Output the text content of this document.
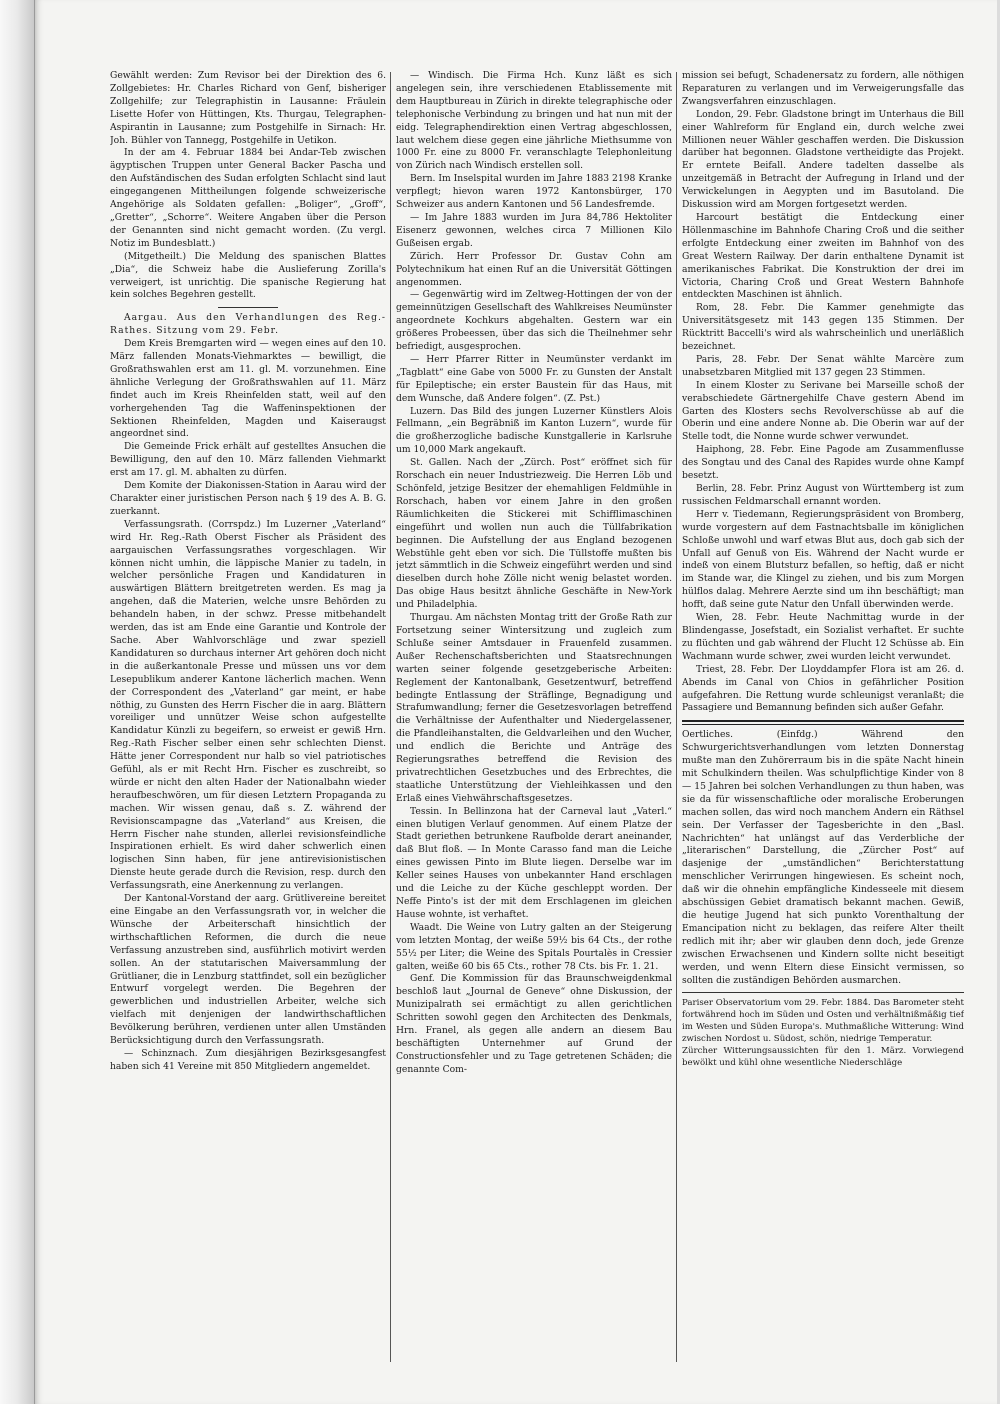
Gewählt werden: Zum Revisor bei der Direktion des 6. Zollgebietes: Hr. Charles Richard von Genf, bisheriger Zollgehilfe; zur Telegraphistin in Lausanne: Fräulein Lisette Hofer von Hüttingen, Kts. Thurgau, Telegraphen-Aspirantin in Lausanne; zum Postgehilfe in Sirnach: Hr. Joh. Bühler von Tannegg, Postgehilfe in Uetikon.

In der am 4. Februar 1884 bei Andar-Teb zwischen ägyptischen Truppen unter General Backer Pascha und den Aufständischen des Sudan erfolgten Schlacht sind laut eingegangenen Mittheilungen folgende schweizerische Angehörige als Soldaten gefallen: „Boliger“, „Groff“, „Gretter“, „Schorre“. Weitere Angaben über die Person der Genannten sind nicht gemacht worden. (Zu vergl. Notiz im Bundesblatt.)

(Mitgetheilt.) Die Meldung des spanischen Blattes „Dia“, die Schweiz habe die Auslieferung Zorilla's verweigert, ist unrichtig. Die spanische Regierung hat kein solches Begehren gestellt.

Aargau. Aus den Verhandlungen des Reg.-Rathes. Sitzung vom 29. Febr.

Dem Kreis Bremgarten wird — wegen eines auf den 10. März fallenden Monats-Viehmarktes — bewilligt, die Großrathswahlen erst am 11. gl. M. vorzunehmen. Eine ähnliche Verlegung der Großrathswahlen auf 11. März findet auch im Kreis Rheinfelden statt, weil auf den vorhergehenden Tag die Waffeninspektionen der Sektionen Rheinfelden, Magden und Kaiseraugst angeordnet sind.

Die Gemeinde Frick erhält auf gestelltes Ansuchen die Bewilligung, den auf den 10. März fallenden Viehmarkt erst am 17. gl. M. abhalten zu dürfen.

Dem Komite der Diakonissen-Station in Aarau wird der Charakter einer juristischen Person nach § 19 des A. B. G. zuerkannt.

Verfassungsrath. (Corrspdz.) Im Luzerner „Vaterland“ wird Hr. Reg.-Rath Oberst Fischer als Präsident des aargauischen Verfassungsrathes vorgeschlagen. Wir können nicht umhin, die läppische Manier zu tadeln, in welcher persönliche Fragen und Kandidaturen in auswärtigen Blättern breitgetreten werden. Es mag ja angehen, daß die Materien, welche unsre Behörden zu behandeln haben, in der schwz. Presse mitbehandelt werden, das ist am Ende eine Garantie und Kontrole der Sache. Aber Wahlvorschläge und zwar speziell Kandidaturen so durchaus interner Art gehören doch nicht in die außerkantonale Presse und müssen uns vor dem Lesepublikum anderer Kantone lächerlich machen. Wenn der Correspondent des „Vaterland“ gar meint, er habe nöthig, zu Gunsten des Herrn Fischer die in aarg. Blättern voreiliger und unnützer Weise schon aufgestellte Kandidatur Künzli zu begeifern, so erweist er gewiß Hrn. Reg.-Rath Fischer selber einen sehr schlechten Dienst. Hätte jener Correspondent nur halb so viel patriotisches Gefühl, als er mit Recht Hrn. Fischer es zuschreibt, so würde er nicht den alten Hader der Nationalbahn wieder heraufbeschwören, um für diesen Letztern Propaganda zu machen. Wir wissen genau, daß s. Z. während der Revisionscampagne das „Vaterland“ aus Kreisen, die Herrn Fischer nahe stunden, allerlei revisionsfeindliche Inspirationen erhielt. Es wird daher schwerlich einen logischen Sinn haben, für jene antirevisionistischen Dienste heute gerade durch die Revision, resp. durch den Verfassungsrath, eine Anerkennung zu verlangen.

Der Kantonal-Vorstand der aarg. Grütlivereine bereitet eine Eingabe an den Verfassungsrath vor, in welcher die Wünsche der Arbeiterschaft hinsichtlich der wirthschaftlichen Reformen, die durch die neue Verfassung anzustreben sind, ausführlich motivirt werden sollen. An der statutarischen Maiversammlung der Grütlianer, die in Lenzburg stattfindet, soll ein bezüglicher Entwurf vorgelegt werden. Die Begehren der gewerblichen und industriellen Arbeiter, welche sich vielfach mit denjenigen der landwirthschaftlichen Bevölkerung berühren, verdienen unter allen Umständen Berücksichtigung durch den Verfassungsrath.

— Schinznach. Zum diesjährigen Bezirksgesangfest haben sich 41 Vereine mit 850 Mitgliedern angemeldet.

— Windisch. Die Firma Hch. Kunz läßt es sich angelegen sein, ihre verschiedenen Etablissemente mit dem Hauptbureau in Zürich in direkte telegraphische oder telephonische Verbindung zu bringen und hat nun mit der eidg. Telegraphendirektion einen Vertrag abgeschlossen, laut welchem diese gegen eine jährliche Miethsumme von 1000 Fr. eine zu 8000 Fr. veranschlagte Telephonleitung von Zürich nach Windisch erstellen soll.

Bern. Im Inselspital wurden im Jahre 1883 2198 Kranke verpflegt; hievon waren 1972 Kantonsbürger, 170 Schweizer aus andern Kantonen und 56 Landesfremde.

— Im Jahre 1883 wurden im Jura 84,786 Hektoliter Eisenerz gewonnen, welches circa 7 Millionen Kilo Gußeisen ergab.

Zürich. Herr Professor Dr. Gustav Cohn am Polytechnikum hat einen Ruf an die Universität Göttingen angenommen.

— Gegenwärtig wird im Zeltweg-Hottingen der von der gemeinnützigen Gesellschaft des Wahlkreises Neumünster angeordnete Kochkurs abgehalten. Gestern war ein größeres Probeessen, über das sich die Theilnehmer sehr befriedigt, ausgesprochen.

— Herr Pfarrer Ritter in Neumünster verdankt im „Tagblatt“ eine Gabe von 5000 Fr. zu Gunsten der Anstalt für Epileptische; ein erster Baustein für das Haus, mit dem Wunsche, daß Andere folgen“. (Z. Pst.)

Luzern. Das Bild des jungen Luzerner Künstlers Alois Fellmann, „ein Begräbniß im Kanton Luzern“, wurde für die großherzogliche badische Kunstgallerie in Karlsruhe um 10,000 Mark angekauft.

St. Gallen. Nach der „Zürch. Post“ eröffnet sich für Rorschach ein neuer Industriezweig. Die Herren Löb und Schönfeld, jetzige Besitzer der ehemahligen Feldmühle in Rorschach, haben vor einem Jahre in den großen Räumlichkeiten die Stickerei mit Schifflimaschinen eingeführt und wollen nun auch die Tüllfabrikation beginnen. Die Aufstellung der aus England bezogenen Webstühle geht eben vor sich. Die Tüllstoffe mußten bis jetzt sämmtlich in die Schweiz eingeführt werden und sind dieselben durch hohe Zölle nicht wenig belastet worden. Das obige Haus besitzt ähnliche Geschäfte in New-York und Philadelphia.

Thurgau. Am nächsten Montag tritt der Große Rath zur Fortsetzung seiner Wintersitzung und zugleich zum Schluße seiner Amtsdauer in Frauenfeld zusammen. Außer Rechenschaftsberichten und Staatsrechnungen warten seiner folgende gesetzgeberische Arbeiten: Reglement der Kantonalbank, Gesetzentwurf, betreffend bedingte Entlassung der Sträflinge, Begnadigung und Strafumwandlung; ferner die Gesetzesvorlagen betreffend die Verhältnisse der Aufenthalter und Niedergelassener, die Pfandleihanstalten, die Geldvarleihen und den Wucher, und endlich die Berichte und Anträge des Regierungsrathes betreffend die Revision des privatrechtlichen Gesetzbuches und des Erbrechtes, die staatliche Unterstützung der Viehleihkassen und den Erlaß eines Viehwährschaftsgesetzes.

Tessin. In Bellinzona hat der Carneval laut „Vaterl.“ einen blutigen Verlauf genommen. Auf einem Platze der Stadt geriethen betrunkene Raufbolde derart aneinander, daß Blut floß. — In Monte Carasso fand man die Leiche eines gewissen Pinto im Blute liegen. Derselbe war im Keller seines Hauses von unbekannter Hand erschlagen und die Leiche zu der Küche geschleppt worden. Der Neffe Pinto's ist der mit dem Erschlagenen im gleichen Hause wohnte, ist verhaftet.

Waadt. Die Weine von Lutry galten an der Steigerung vom letzten Montag, der weiße 59½ bis 64 Cts., der rothe 55½ per Liter; die Weine des Spitals Pourtalès in Cressier galten, weiße 60 bis 65 Cts., rother 78 Cts. bis Fr. 1. 21.

Genf. Die Kommission für das Braunschweigdenkmal beschloß laut „Journal de Geneve“ ohne Diskussion, der Munizipalrath sei ermächtigt zu allen gerichtlichen Schritten sowohl gegen den Architecten des Denkmals, Hrn. Franel, als gegen alle andern an diesem Bau beschäftigten Unternehmer auf Grund der Constructionsfehler und zu Tage getretenen Schäden; die genannte Com-

mission sei befugt, Schadenersatz zu fordern, alle nöthigen Reparaturen zu verlangen und im Verweigerungsfalle das Zwangsverfahren einzuschlagen.

London, 29. Febr. Gladstone bringt im Unterhaus die Bill einer Wahlreform für England ein, durch welche zwei Millionen neuer Wähler geschaffen werden. Die Diskussion darüber hat begonnen. Gladstone vertheidigte das Projekt. Er erntete Beifall. Andere tadelten dasselbe als unzeitgemäß in Betracht der Aufregung in Irland und der Verwickelungen in Aegypten und im Basutoland. Die Diskussion wird am Morgen fortgesetzt werden.

Harcourt bestätigt die Entdeckung einer Höllenmaschine im Bahnhofe Charing Croß und die seither erfolgte Entdeckung einer zweiten im Bahnhof von des Great Western Railway. Der darin enthaltene Dynamit ist amerikanisches Fabrikat. Die Konstruktion der drei im Victoria, Charing Croß und Great Western Bahnhofe entdeckten Maschinen ist ähnlich.

Rom, 28. Febr. Die Kammer genehmigte das Universitätsgesetz mit 143 gegen 135 Stimmen. Der Rücktritt Baccelli's wird als wahrscheinlich und unerläßlich bezeichnet.

Paris, 28. Febr. Der Senat wählte Marcère zum unabsetzbaren Mitglied mit 137 gegen 23 Stimmen.

In einem Kloster zu Serivane bei Marseille schoß der verabschiedete Gärtnergehilfe Chave gestern Abend im Garten des Klosters sechs Revolverschüsse ab auf die Oberin und eine andere Nonne ab. Die Oberin war auf der Stelle todt, die Nonne wurde schwer verwundet.

Haiphong, 28. Febr. Eine Pagode am Zusammenflusse des Songtau und des Canal des Rapides wurde ohne Kampf besetzt.

Berlin, 28. Febr. Prinz August von Württemberg ist zum russischen Feldmarschall ernannt worden.

Herr v. Tiedemann, Regierungspräsident von Bromberg, wurde vorgestern auf dem Fastnachtsballe im königlichen Schloße unwohl und warf etwas Blut aus, doch gab sich der Unfall auf Genuß von Eis. Während der Nacht wurde er indeß von einem Blutsturz befallen, so heftig, daß er nicht im Stande war, die Klingel zu ziehen, und bis zum Morgen hülflos dalag. Mehrere Aerzte sind um ihn beschäftigt; man hofft, daß seine gute Natur den Unfall überwinden werde.

Wien, 28. Febr. Heute Nachmittag wurde in der Blindengasse, Josefstadt, ein Sozialist verhaftet. Er suchte zu flüchten und gab während der Flucht 12 Schüsse ab. Ein Wachmann wurde schwer, zwei wurden leicht verwundet.

Triest, 28. Febr. Der Lloyddampfer Flora ist am 26. d. Abends im Canal von Chios in gefährlicher Position aufgefahren. Die Rettung wurde schleunigst veranlaßt; die Passagiere und Bemannung befinden sich außer Gefahr.

Oertliches. (Einfdg.) Während den Schwurgerichtsverhandlungen vom letzten Donnerstag mußte man den Zuhörerraum bis in die späte Nacht hinein mit Schulkindern theilen. Was schulpflichtige Kinder von 8 — 15 Jahren bei solchen Verhandlungen zu thun haben, was sie da für wissenschaftliche oder moralische Eroberungen machen sollen, das wird noch manchem Andern ein Räthsel sein. Der Verfasser der Tagesberichte in den „Basl. Nachrichten“ hat unlängst auf das Verderbliche der „literarischen“ Darstellung, die „Zürcher Post“ auf dasjenige der „umständlichen“ Berichterstattung menschlicher Verirrungen hingewiesen. Es scheint noch, daß wir die ohnehin empfängliche Kindesseele mit diesem abschüssigen Gebiet dramatisch bekannt machen. Gewiß, die heutige Jugend hat sich punkto Vorenthaltung der Emancipation nicht zu beklagen, das reifere Alter theilt redlich mit ihr; aber wir glauben denn doch, jede Grenze zwischen Erwachsenen und Kindern sollte nicht beseitigt werden, und wenn Eltern diese Einsicht vermissen, so sollten die zuständigen Behörden ausmarchen.

Pariser Observatorium vom 29. Febr. 1884. Das Barometer steht fortwährend hoch im Süden und Osten und verhältnißmäßig tief im Westen und Süden Europa's. Muthmaßliche Witterung: Wind zwischen Nordost u. Südost, schön, niedrige Temperatur.

Zürcher Witterungsaussichten für den 1. März. Vorwiegend bewölkt und kühl ohne wesentliche Niederschläge
